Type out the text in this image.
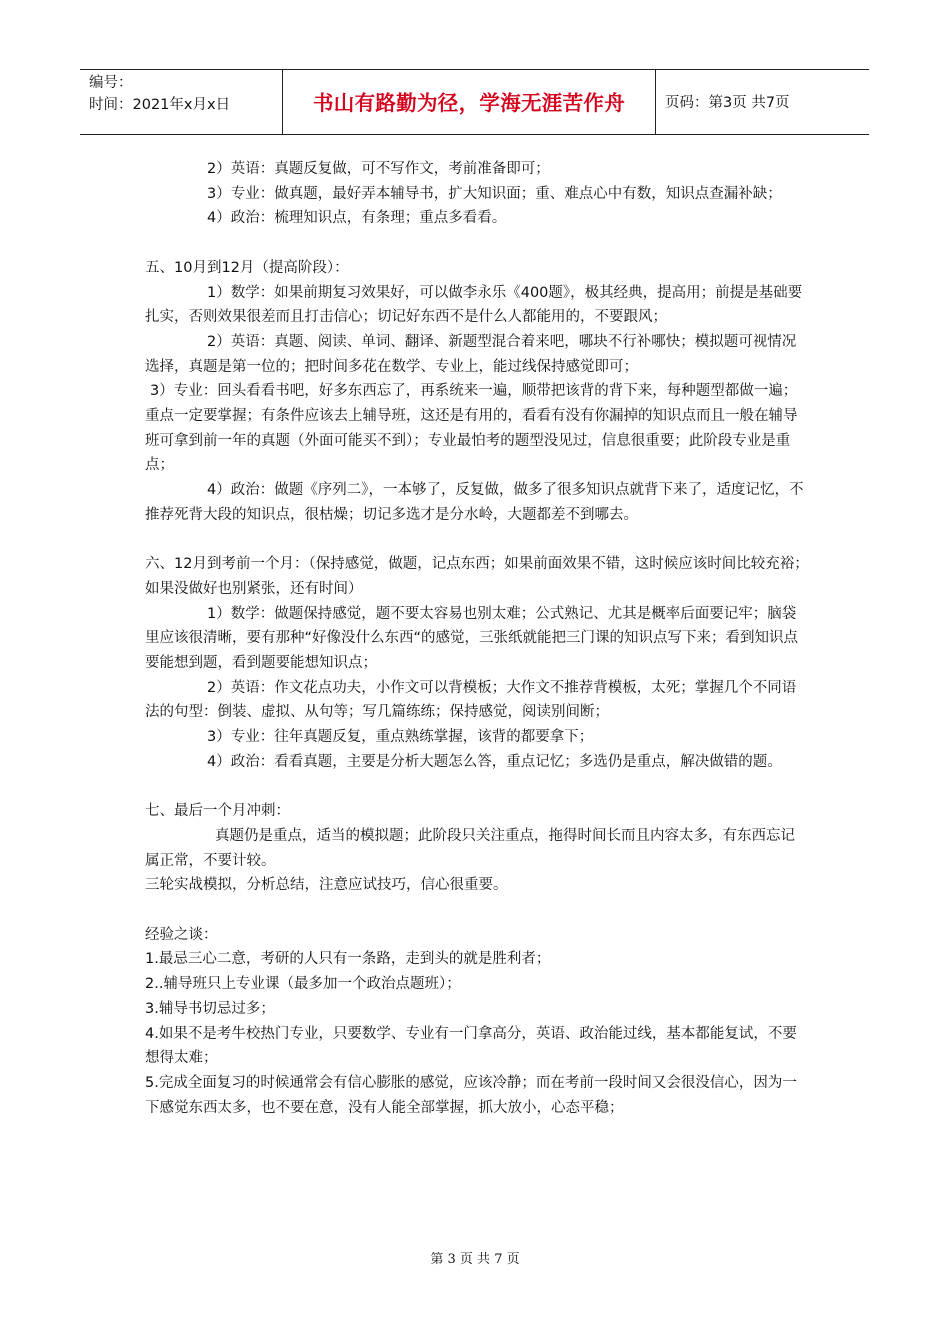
编号：
时间：2021年x月x日	书山有路勤为径，学海无涯苦作舟	页码：第3页 共7页

2）英语：真题反复做，可不写作文，考前准备即可；

3）专业：做真题，最好弄本辅导书，扩大知识面；重、难点心中有数，知识点查漏补缺；

4）政治：梳理知识点，有条理；重点多看看。

五、10月到12月（提高阶段）：

1）数学：如果前期复习效果好，可以做李永乐《400题》，极其经典，提高用；前提是基础要扎实，否则效果很差而且打击信心；切记好东西不是什么人都能用的，不要跟风；

2）英语：真题、阅读、单词、翻译、新题型混合着来吧，哪块不行补哪快；模拟题可视情况选择，真题是第一位的；把时间多花在数学、专业上，能过线保持感觉即可；

3）专业：回头看看书吧，好多东西忘了，再系统来一遍，顺带把该背的背下来，每种题型都做一遍；重点一定要掌握；有条件应该去上辅导班，这还是有用的，看看有没有你漏掉的知识点而且一般在辅导班可拿到前一年的真题（外面可能买不到）；专业最怕考的题型没见过，信息很重要；此阶段专业是重点；

4）政治：做题《序列二》，一本够了，反复做，做多了很多知识点就背下来了，适度记忆，不推荐死背大段的知识点，很枯燥；切记多选才是分水岭，大题都差不到哪去。

六、12月到考前一个月：（保持感觉，做题，记点东西；如果前面效果不错，这时候应该时间比较充裕；如果没做好也别紧张，还有时间）

1）数学：做题保持感觉，题不要太容易也别太难；公式熟记、尤其是概率后面要记牢；脑袋里应该很清晰，要有那种“好像没什么东西“的感觉，三张纸就能把三门课的知识点写下来；看到知识点要能想到题，看到题要能想知识点；

2）英语：作文花点功夫，小作文可以背模板；大作文不推荐背模板，太死；掌握几个不同语法的句型：倒装、虚拟、从句等；写几篇练练；保持感觉，阅读别间断；

3）专业：往年真题反复，重点熟练掌握，该背的都要拿下；

4）政治：看看真题，主要是分析大题怎么答，重点记忆；多选仍是重点，解决做错的题。

七、最后一个月冲刺：

真题仍是重点，适当的模拟题；此阶段只关注重点，拖得时间长而且内容太多，有东西忘记属正常，不要计较。

三轮实战模拟，分析总结，注意应试技巧，信心很重要。

经验之谈：

1.最忌三心二意，考研的人只有一条路，走到头的就是胜利者；

2..辅导班只上专业课（最多加一个政治点题班）；

3.辅导书切忌过多；

4.如果不是考牛校热门专业，只要数学、专业有一门拿高分，英语、政治能过线，基本都能复试，不要想得太难；

5.完成全面复习的时候通常会有信心膨胀的感觉，应该冷静；而在考前一段时间又会很没信心，因为一下感觉东西太多，也不要在意，没有人能全部掌握，抓大放小，心态平稳；

第 3 页 共 7 页
